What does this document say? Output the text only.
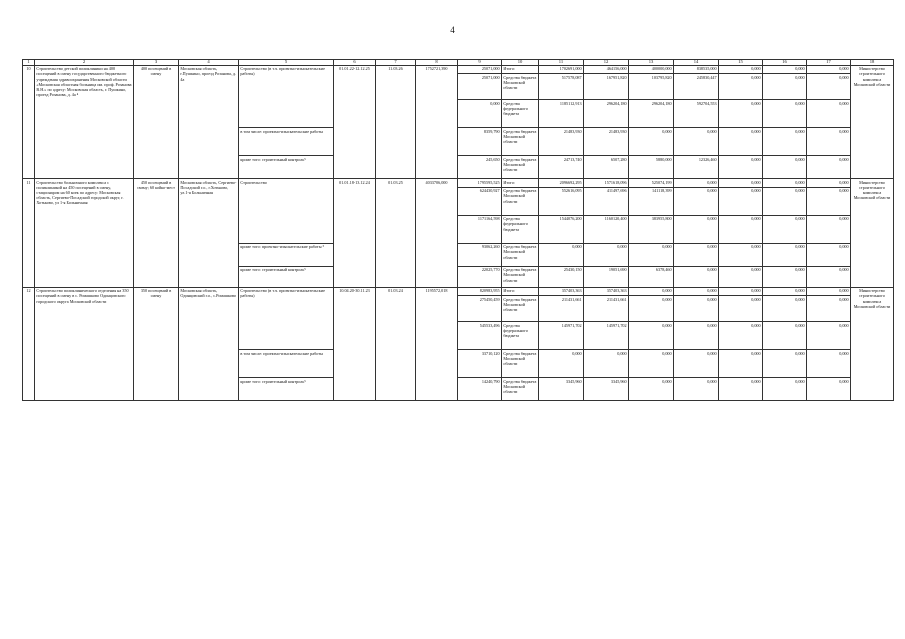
4
1	2	3	4	5	6	7	8	9	10	11	12	13	14	15	16	17	18
10	Строительство детской поликлиники на 400 посещений в смену государственного бюджетного учреждения здравоохранения Московской области «Московская областная больница им. проф. Розанова В.Н.» по адресу: Московская область, г. Пушкино, проезд Розанова, д. 4а ⁴	400 посещений в смену	Московская область, г.Пушкино, проезд Розанова, д. 4а	Строительство (в т.ч. проектно-изыскательские работы)	01.01.22-12.12.25	11.03.26	1752721,390	25071,000	Итого:	1702691,000	464156,000	400000,000	838535,000	0,000	0,000	0,000	Министерство строительного комплекса Московской области
								25071,000	Средства бюджета Московской области	517578,087	167951,820	103795,820	245830,447	0,000	0,000	0,000	
								0,000	Средства федерального бюджета	1185112,913	296204,180	296204,180	592704,553	0,000	0,000	0,000	
				в том числе: проектно-изыскательские работы				8359,790	Средства бюджета Московской области	21483,930	21483,930	0,000	0,000	0,000	0,000	0,000	
				кроме того: строительный контроль⁵				245,650	Средства бюджета Московской области	24713,740	6507,280	5880,000	12326,460	0,000	0,000	0,000	
11	Строительство больничного комплекса с поликлиникой на 450 посещений в смену, стационаром на 60 коек по адресу: Московская область, Сергиево-Посадский городской округ, г. Хотьково, ул 1-я Больничная	450 посещений в смену; 60 койко-мест	Московская область, Сергиево-Посадский г.о., г.Хотьково, ул.1-я Больничная	Строительство	01.01.18-13.12.24	01.03.25	4033706,000	1795595,525	Итого:	2096692,295	1571618,096	525074,199	0,000	0,000	0,000	0,000	Министерство строительного комплекса Московской области
								624430,927	Средства бюджета Московской области	552616,095	411497,696	141118,399	0,000	0,000	0,000	0,000	
								1171164,598	Средства федерального бюджета	1544076,200	1160120,400	383955,800	0,000	0,000	0,000	0,000	
				кроме того: проектно-изыскательские работы ⁵				93062,260	Средства бюджета Московской области	0,000	0,000	0,000	0,000	0,000	0,000	0,000	
				кроме того: строительный контроль⁵				22025,770	Средства бюджета Московской области	25430,150	19051,690	6378,460	0,000	0,000	0,000	0,000	
12	Строительство поликлинического отделения на 350 посещений в смену в с. Ромашково Одинцовского городского округа Московской области	350 посещений в смену	Московская область, Одинцовский г.о., с.Ромашково	Строительство (в т.ч. проектно-изыскательские работы)	10.04.20-30.11.23	01.03.24	1195572,018	820983,955	Итого:	357403,363	357403,363	0,000	0,000	0,000	0,000	0,000	Министерство строительного комплекса Московской области
								275450,459	Средства бюджета Московской области	211431,661	211431,661	0,000	0,000	0,000	0,000	0,000	
								545533,496	Средства федерального бюджета	145971,702	145971,702	0,000	0,000	0,000	0,000	0,000	
				в том числе: проектно-изыскательские работы				33710,120	Средства бюджета Московской области	0,000	0,000	0,000	0,000	0,000	0,000	0,000	
				кроме того: строительный контроль⁵				14240,790	Средства бюджета Московской области	3345,960	3345,960	0,000	0,000	0,000	0,000	0,000	
